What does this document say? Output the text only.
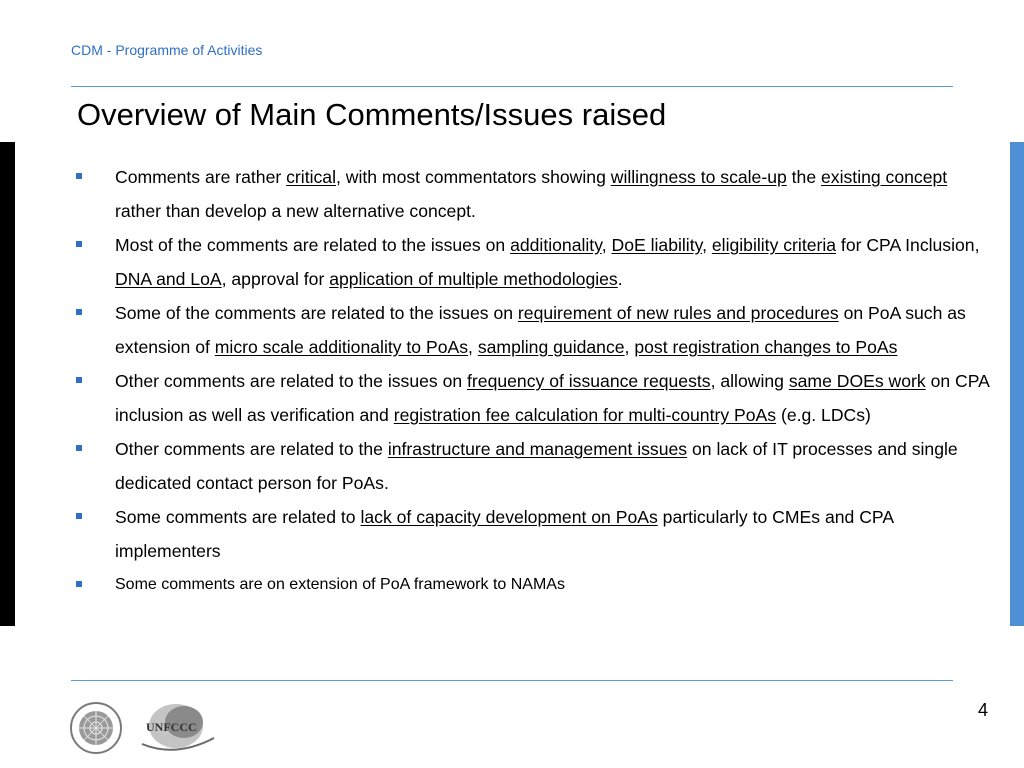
CDM - Programme of Activities
Overview of Main Comments/Issues raised
Comments are rather critical, with most commentators showing willingness to scale-up the existing concept rather than develop a new alternative concept.
Most of the comments are related to the issues on additionality, DoE liability, eligibility criteria for CPA Inclusion, DNA and LoA, approval for application of multiple methodologies.
Some of the comments are related to the issues on requirement of new rules and procedures on PoA such as extension of micro scale additionality to PoAs, sampling guidance, post registration changes to PoAs
Other comments are related to the issues on frequency of issuance requests, allowing same DOEs work on CPA inclusion as well as verification and registration fee calculation for multi-country PoAs (e.g. LDCs)
Other comments are related to the infrastructure and management issues on lack of IT processes and single dedicated contact person for PoAs.
Some comments are related to lack of capacity development on PoAs particularly to CMEs and CPA implementers
Some comments are on extension of PoA framework to NAMAs
UNFCCC
4
